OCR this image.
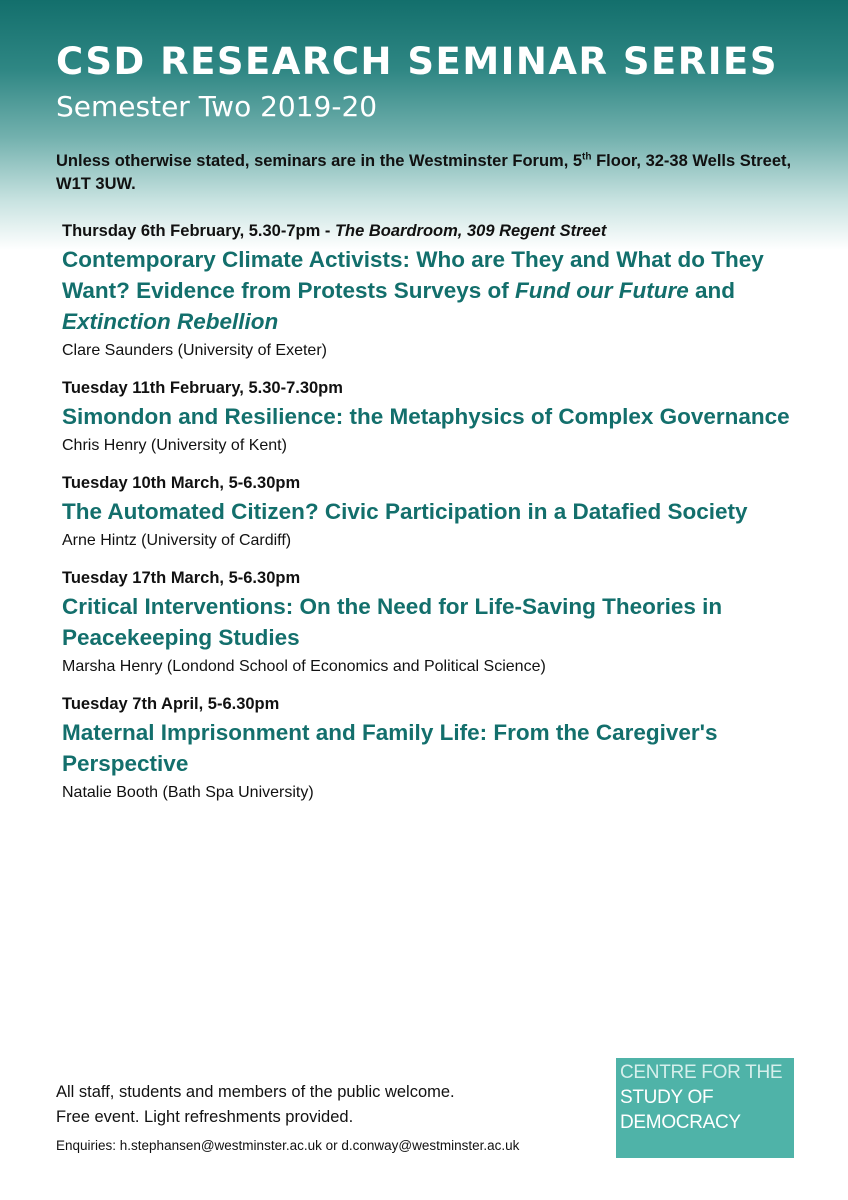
CSD RESEARCH SEMINAR SERIES
Semester Two 2019-20

Unless otherwise stated, seminars are in the Westminster Forum, 5th Floor, 32-38 Wells Street, W1T 3UW.

Thursday 6th February, 5.30-7pm - The Boardroom, 309 Regent Street
Contemporary Climate Activists: Who are They and What do They Want? Evidence from Protests Surveys of Fund our Future and Extinction Rebellion
Clare Saunders (University of Exeter)
Tuesday 11th February, 5.30-7.30pm
Simondon and Resilience: the Metaphysics of Complex Governance
Chris Henry (University of Kent)
Tuesday 10th March, 5-6.30pm
The Automated Citizen? Civic Participation in a Datafied Society
Arne Hintz (University of Cardiff)
Tuesday 17th March, 5-6.30pm
Critical Interventions: On the Need for Life-Saving Theories in Peacekeeping Studies
Marsha Henry (Londond School of Economics and Political Science)
Tuesday 7th April, 5-6.30pm
Maternal Imprisonment and Family Life: From the Caregiver's Perspective
Natalie Booth (Bath Spa University)
All staff, students and members of the public welcome.
Free event. Light refreshments provided.
Enquiries: h.stephansen@westminster.ac.uk or d.conway@westminster.ac.uk
CENTRE FOR THE
STUDY OF
DEMOCRACY
